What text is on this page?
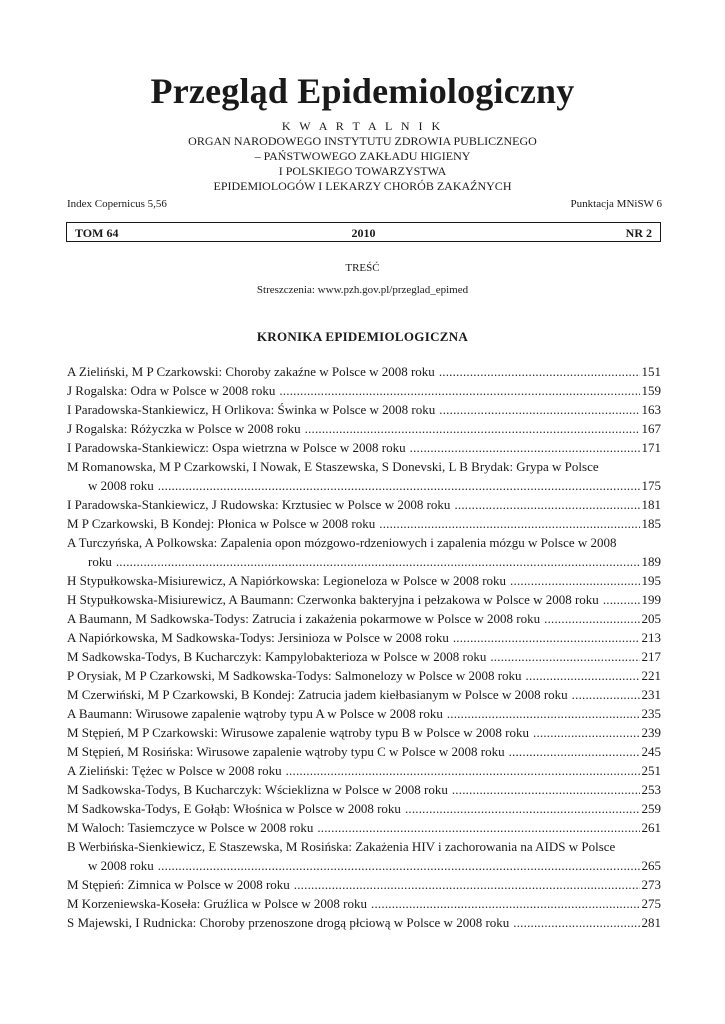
Przegląd Epidemiologiczny
K W A R T A L N I K
ORGAN NARODOWEGO INSTYTUTU ZDROWIA PUBLICZNEGO
– PAŃSTWOWEGO ZAKŁADU HIGIENY
I POLSKIEGO TOWARZYSTWA
EPIDEMIOLOGÓW I LEKARZY CHORÓB ZAKAŹNYCH
Index Copernicus 5,56	Punktacja MNiSW 6
2010
TOM 64	NR 2
TREŚĆ
Streszczenia: www.pzh.gov.pl/przeglad_epimed
KRONIKA EPIDEMIOLOGICZNA
A Zieliński, M P Czarkowski: Choroby zakaźne w Polsce w 2008 roku .....	151
J Rogalska: Odra w Polsce w 2008 roku .....	159
I Paradowska-Stankiewicz, H Orlikova: Świnka w Polsce w 2008 roku .....	163
J Rogalska: Różyczka w Polsce w 2008 roku .....	167
I Paradowska-Stankiewicz: Ospa wietrzna w Polsce w 2008 roku .....	171
M Romanowska, M P Czarkowski, I Nowak, E Staszewska, S Donevski, L B Brydak: Grypa w Polsce
w 2008 roku .....	175
I Paradowska-Stankiewicz, J Rudowska: Krztusiec w Polsce w 2008 roku .....	181
M P Czarkowski, B Kondej: Płonica w Polsce w 2008 roku .....	185
A Turczyńska, A Polkowska: Zapalenia opon mózgowo-rdzeniowych i zapalenia mózgu w Polsce w 2008
roku .....	189
H Stypułkowska-Misiurewicz, A Napiórkowska: Legioneloza w Polsce w 2008 roku .....	195
H Stypułkowska-Misiurewicz, A Baumann: Czerwonka bakteryjna i pełzakowa w Polsce w 2008 roku .....	199
A Baumann, M Sadkowska-Todys: Zatrucia i zakażenia pokarmowe w Polsce w 2008 roku .....	205
A Napiórkowska, M Sadkowska-Todys: Jersinioza w Polsce w 2008 roku .....	213
M Sadkowska-Todys, B Kucharczyk: Kampylobakterioza w Polsce w 2008 roku .....	217
P Orysiak, M P Czarkowski, M Sadkowska-Todys: Salmonelozy w Polsce w 2008 roku .....	221
M Czerwiński, M P Czarkowski, B Kondej: Zatrucia jadem kiełbasianym w Polsce w 2008 roku .....	231
A Baumann: Wirusowe zapalenie wątroby typu A w Polsce w 2008 roku .....	235
M Stępień, M P Czarkowski: Wirusowe zapalenie wątroby typu B w Polsce w 2008 roku .....	239
M Stępień, M Rosińska: Wirusowe zapalenie wątroby typu C w Polsce w 2008 roku .....	245
A Zieliński: Tężec w Polsce w 2008 roku .....	251
M Sadkowska-Todys, B Kucharczyk: Wścieklizna w Polsce w 2008 roku .....	253
M Sadkowska-Todys, E Gołąb: Włośnica w Polsce w 2008 roku .....	259
M Waloch: Tasiemczyce w Polsce w 2008 roku .....	261
B Werbińska-Sienkiewicz, E Staszewska, M Rosińska: Zakażenia HIV i zachorowania na AIDS w Polsce
w 2008 roku .....	265
M Stępień: Zimnica w Polsce w 2008 roku .....	273
M Korzeniewska-Koseła: Gruźlica w Polsce w 2008 roku .....	275
S Majewski, I Rudnicka: Choroby przenoszone drogą płciową w Polsce w 2008 roku .....	281
